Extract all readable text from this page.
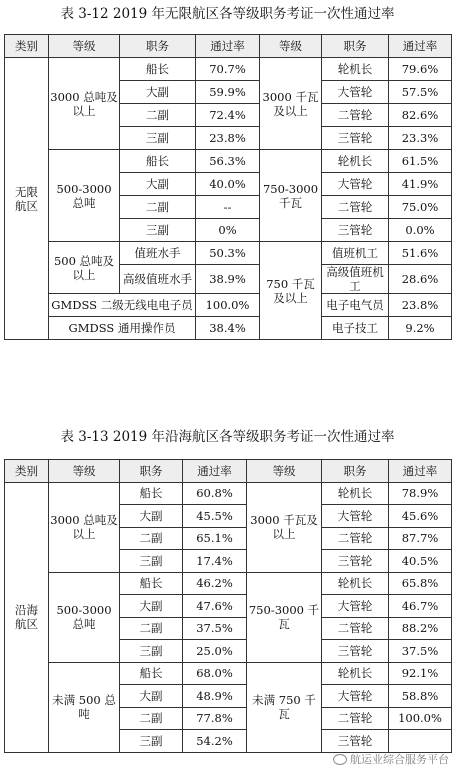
表 3-12 2019 年无限航区各等级职务考证一次性通过率
类别	等级	职务	通过率	等级	职务	通过率
无限航区	3000 总吨及以上	船长	70.7%	3000 千瓦及以上	轮机长	79.6%
		大副	59.9%		大管轮	57.5%
		二副	72.4%		二管轮	82.6%
		三副	23.8%		三管轮	23.3%
	500-3000 总吨	船长	56.3%	750-3000 千瓦	轮机长	61.5%
		大副	40.0%		大管轮	41.9%
		二副	--		二管轮	75.0%
		三副	0%		三管轮	0.0%
	500 总吨及以上	值班水手	50.3%	750 千瓦及以上	值班机工	51.6%
		高级值班水手	38.9%		高级值班机工	28.6%
	GMDSS 二级无线电电子员		100.0%		电子电气员	23.8%
	GMDSS 通用操作员		38.4%		电子技工	9.2%
表 3-13 2019 年沿海航区各等级职务考证一次性通过率
类别	等级	职务	通过率	等级	职务	通过率
沿海航区	3000 总吨及以上	船长	60.8%	3000 千瓦及以上	轮机长	78.9%
		大副	45.5%		大管轮	45.6%
		二副	65.1%		二管轮	87.7%
		三副	17.4%		三管轮	40.5%
	500-3000 总吨	船长	46.2%	750-3000 千瓦	轮机长	65.8%
		大副	47.6%		大管轮	46.7%
		二副	37.5%		二管轮	88.2%
		三副	25.0%		三管轮	37.5%
	未满 500 总吨	船长	68.0%	未满 750 千瓦	轮机长	92.1%
		大副	48.9%		大管轮	58.8%
		二副	77.8%		二管轮	100.0%
		三副	54.2%		三管轮	
航运业综合服务平台
